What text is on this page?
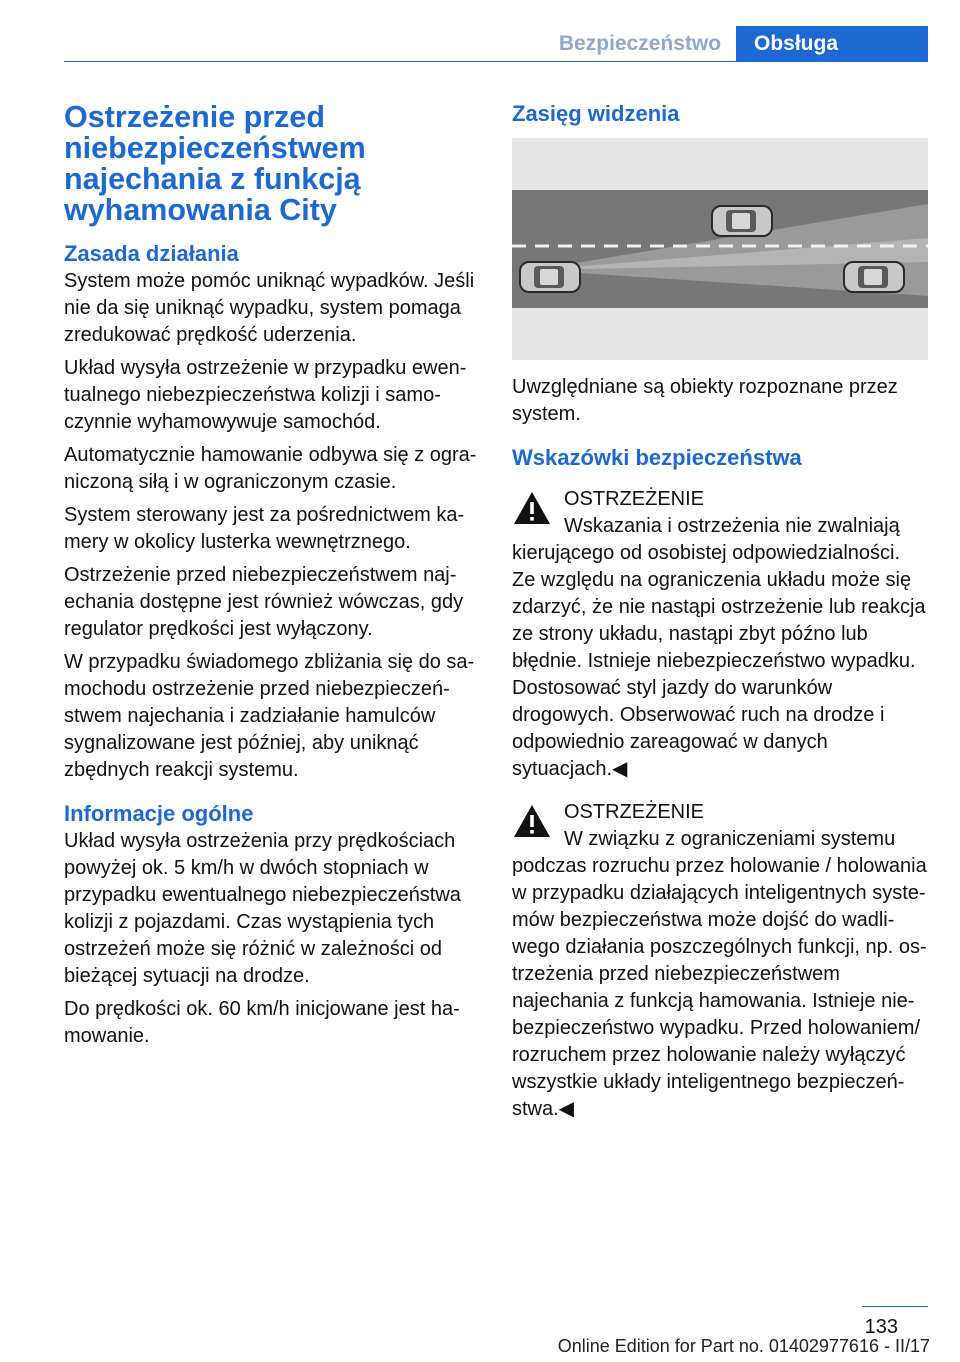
Bezpieczeństwo	Obsługa
Ostrzeżenie przed niebezpieczeństwem najechania z funkcją wyhamowania City
Zasada działania

System może pomóc uniknąć wypadków. Jeśli nie da się uniknąć wypadku, system pomaga zredukować prędkość uderzenia.

Układ wysyła ostrzeżenie w przypadku ewentualnego niebezpieczeństwa kolizji i samoczynnie wyhamowywuje samochód.

Automatycznie hamowanie odbywa się z ograniczoną siłą i w ograniczonym czasie.

System sterowany jest za pośrednictwem kamery w okolicy lusterka wewnętrznego.

Ostrzeżenie przed niebezpieczeństwem najechania dostępne jest również wówczas, gdy regulator prędkości jest wyłączony.

W przypadku świadomego zbliżania się do samochodu ostrzeżenie przed niebezpieczeństwem najechania i zadziałanie hamulców sygnalizowane jest później, aby uniknąć zbędnych reakcji systemu.

Informacje ogólne

Układ wysyła ostrzeżenia przy prędkościach powyżej ok. 5 km/h w dwóch stopniach w przypadku ewentualnego niebezpieczeństwa kolizji z pojazdami. Czas wystąpienia tych ostrzeżeń może się różnić w zależności od bieżącej sytuacji na drodze.

Do prędkości ok. 60 km/h inicjowane jest hamowanie.

Zasięg widzenia

Uwzględniane są obiekty rozpoznane przez system.

Wskazówki bezpieczeństwa

OSTRZEŻENIE

Wskazania i ostrzeżenia nie zwalniają kierującego od osobistej odpowiedzialności. Ze względu na ograniczenia układu może się zdarzyć, że nie nastąpi ostrzeżenie lub reakcja ze strony układu, nastąpi zbyt późno lub błędnie. Istnieje niebezpieczeństwo wypadku. Dostosować styl jazdy do warunków drogowych. Obserwować ruch na drodze i odpowiednio zareagować w danych sytuacjach.◀

OSTRZEŻENIE

W związku z ograniczeniami systemu podczas rozruchu przez holowanie / holowania w przypadku działających inteligentnych systemów bezpieczeństwa może dojść do wadliwego działania poszczególnych funkcji, np. ostrzeżenia przed niebezpieczeństwem najechania z funkcją hamowania. Istnieje niebezpieczeństwo wypadku. Przed holowaniem/ rozruchem przez holowanie należy wyłączyć wszystkie układy inteligentnego bezpieczeństwa.◀

133
Online Edition for Part no. 01402977616 - II/17
